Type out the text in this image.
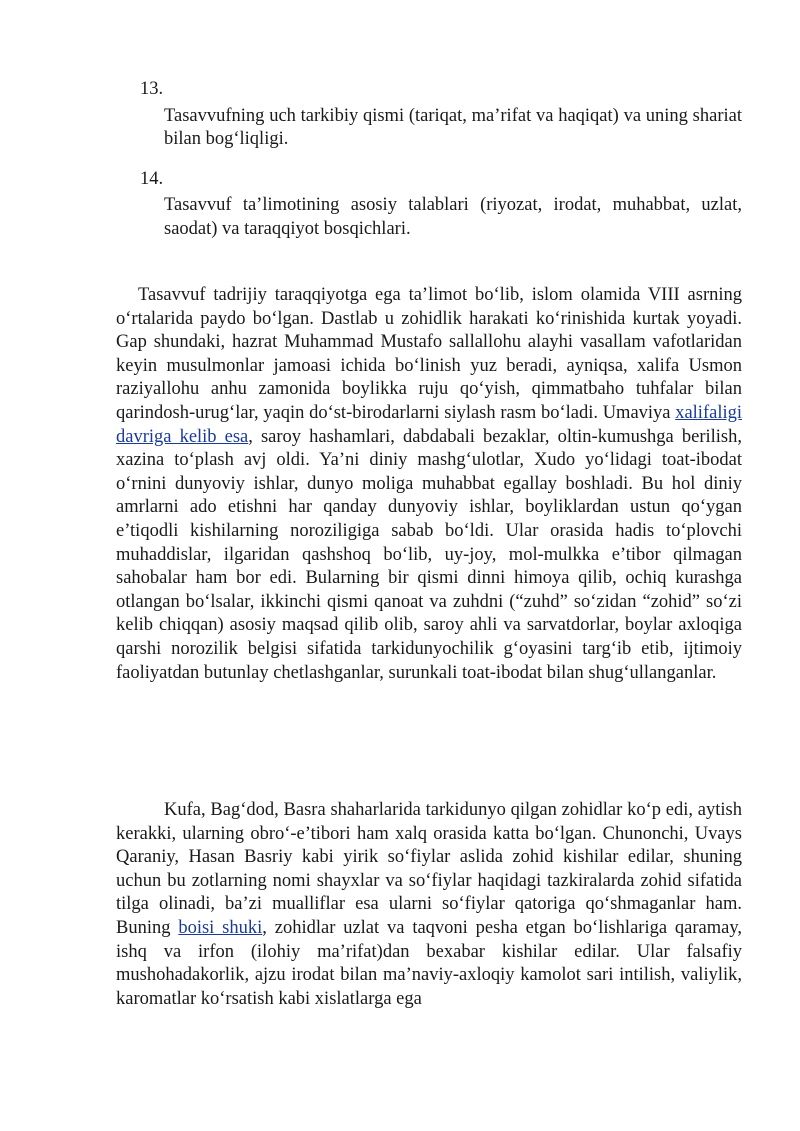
13.

Tasavvufning uch tarkibiy qismi (tariqat, ma’rifat va haqiqat) va uning shariat bilan bog‘liqligi.

14.

Tasavvuf ta’limotining asosiy talablari (riyozat, irodat, muhabbat, uzlat, saodat) va taraqqiyot bosqichlari.

Tasavvuf tadrijiy taraqqiyotga ega ta’limot bo‘lib, islom olamida VIII asrning o‘rtalarida paydo bo‘lgan. Dastlab u zohidlik harakati ko‘rinishida kurtak yoyadi. Gap shundaki, hazrat Muhammad Mustafo sallallohu alayhi vasallam vafotlaridan keyin musulmonlar jamoasi ichida bo‘linish yuz beradi, ayniqsa, xalifa Usmon raziyallohu anhu zamonida boylikka ruju qo‘yish, qimmatbaho tuhfalar bilan qarindosh-urug‘lar, yaqin do‘st-birodarlarni siylash rasm bo‘ladi. Umaviya xalifaligi davriga kelib esa, saroy hashamlari, dabdabali bezaklar, oltin-kumushga berilish, xazina to‘plash avj oldi. Ya’ni diniy mashg‘ulotlar, Xudo yo‘lidagi toat-ibodat o‘rnini dunyoviy ishlar, dunyo moliga muhabbat egallay boshladi. Bu hol diniy amrlarni ado etishni har qanday dunyoviy ishlar, boyliklardan ustun qo‘ygan e’tiqodli kishilarning noroziligiga sabab bo‘ldi. Ular orasida hadis to‘plovchi muhaddislar, ilgaridan qashshoq bo‘lib, uy-joy, mol-mulkka e’tibor qilmagan sahobalar ham bor edi. Bularning bir qismi dinni himoya qilib, ochiq kurashga otlangan bo‘lsalar, ikkinchi qismi qanoat va zuhdni (“zuhd” so‘zidan “zohid” so‘zi kelib chiqqan) asosiy maqsad qilib olib, saroy ahli va sarvatdorlar, boylar axloqiga qarshi norozilik belgisi sifatida tarkidunyochilik g‘oyasini targ‘ib etib, ijtimoiy faoliyatdan butunlay chetlashganlar, surunkali toat-ibodat bilan shug‘ullanganlar.

Kufa, Bag‘dod, Basra shaharlarida tarkidunyo qilgan zohidlar ko‘p edi, aytish kerakki, ularning obro‘-e’tibori ham xalq orasida katta bo‘lgan. Chunonchi, Uvays Qaraniy, Hasan Basriy kabi yirik so‘fiylar aslida zohid kishilar edilar, shuning uchun bu zotlarning nomi shayxlar va so‘fiylar haqidagi tazkiralarda zohid sifatida tilga olinadi, ba’zi mualliflar esa ularni so‘fiylar qatoriga qo‘shmaganlar ham. Buning boisi shuki, zohidlar uzlat va taqvoni pesha etgan bo‘lishlariga qaramay, ishq va irfon (ilohiy ma’rifat)dan bexabar kishilar edilar. Ular falsafiy mushohadakorlik, ajzu irodat bilan ma’naviy-axloqiy kamolot sari intilish, valiylik, karomatlar ko‘rsatish kabi xislatlarga ega
